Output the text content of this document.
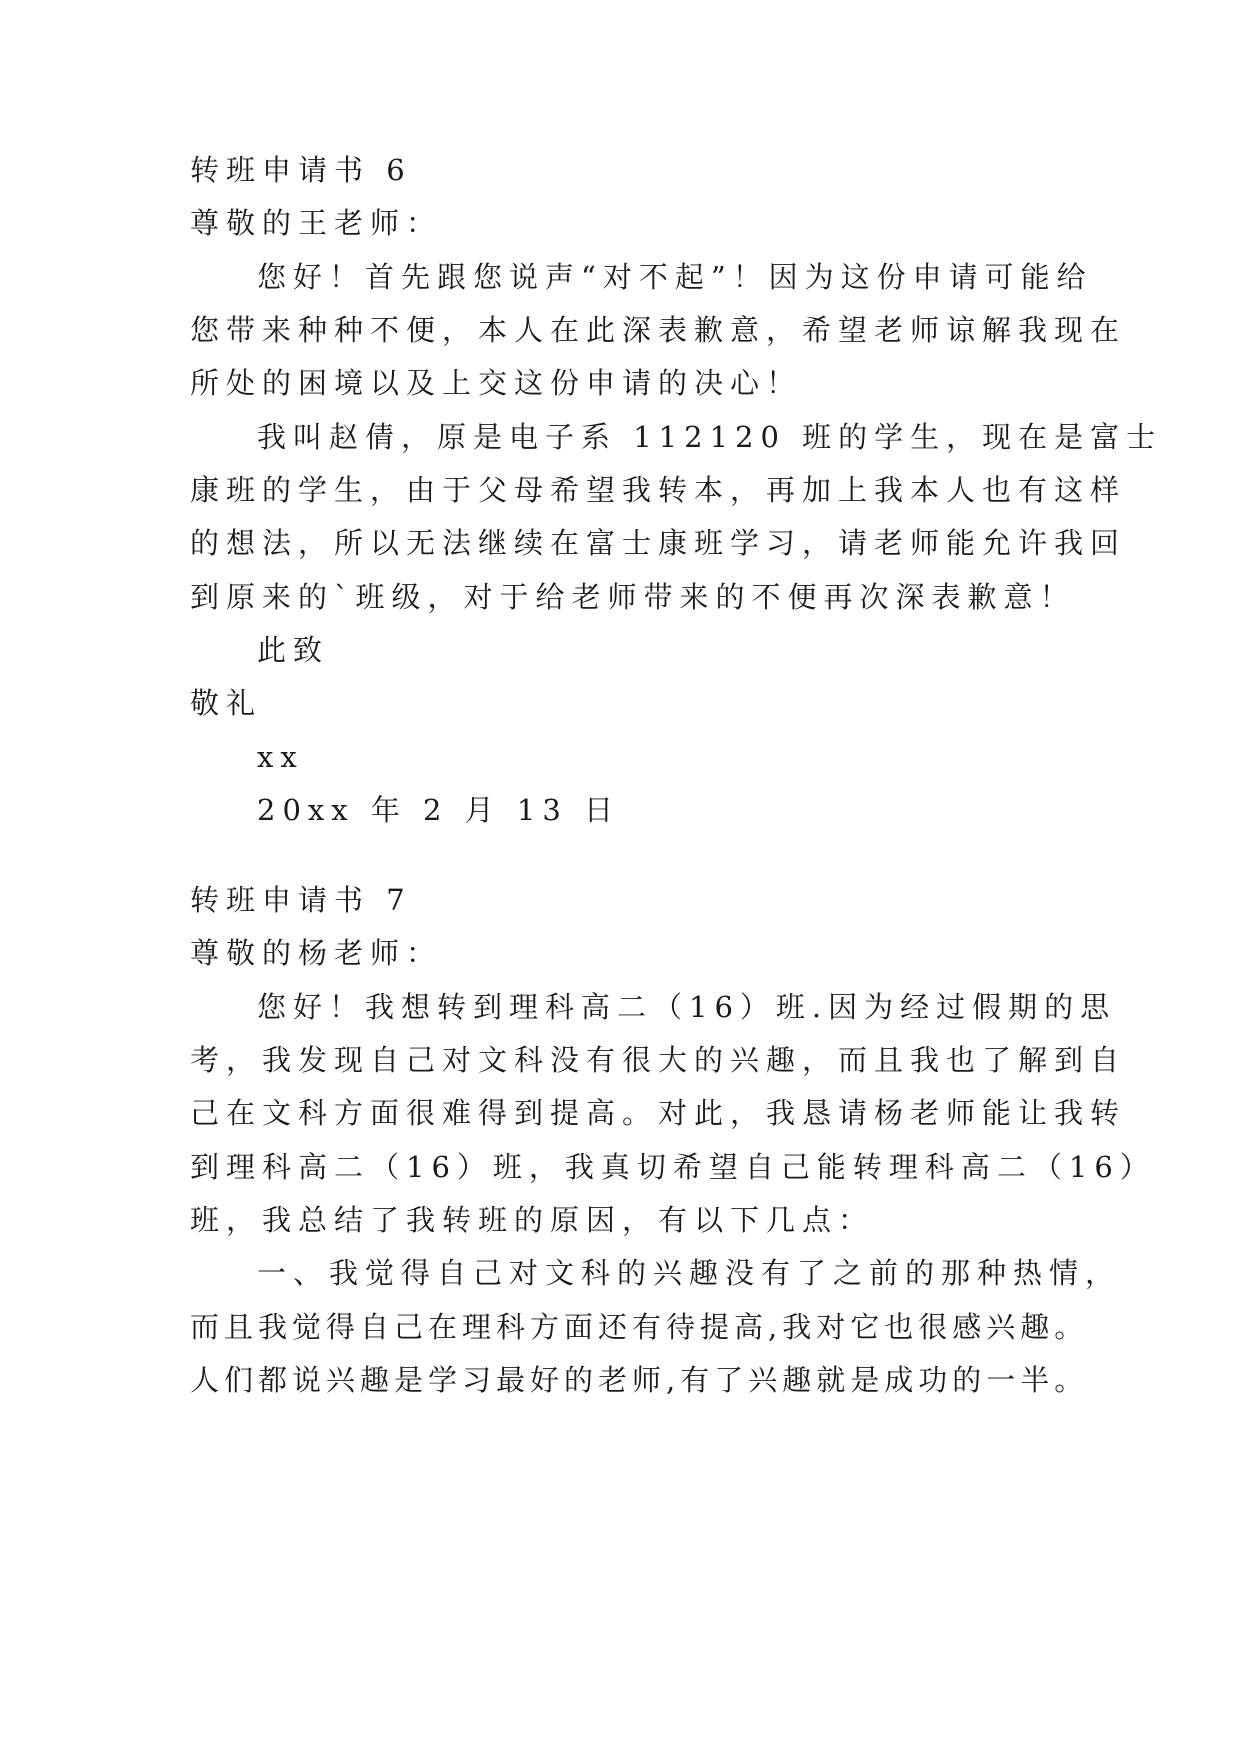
转班申请书 6
尊敬的王老师：
您好！首先跟您说声“对不起”！因为这份申请可能给
您带来种种不便，本人在此深表歉意，希望老师谅解我现在
所处的困境以及上交这份申请的决心！
我叫赵倩，原是电子系 112120 班的学生，现在是富士
康班的学生，由于父母希望我转本，再加上我本人也有这样
的想法，所以无法继续在富士康班学习，请老师能允许我回
到原来的`班级，对于给老师带来的不便再次深表歉意！
此致
敬礼
xx
20xx 年 2 月 13 日
转班申请书 7
尊敬的杨老师：
您好！我想转到理科高二（16）班.因为经过假期的思
考，我发现自己对文科没有很大的兴趣，而且我也了解到自
己在文科方面很难得到提高。对此，我恳请杨老师能让我转
到理科高二（16）班，我真切希望自己能转理科高二（16）
班，我总结了我转班的原因，有以下几点：
一、我觉得自己对文科的兴趣没有了之前的那种热情，
而且我觉得自己在理科方面还有待提高,我对它也很感兴趣。
人们都说兴趣是学习最好的老师,有了兴趣就是成功的一半。
